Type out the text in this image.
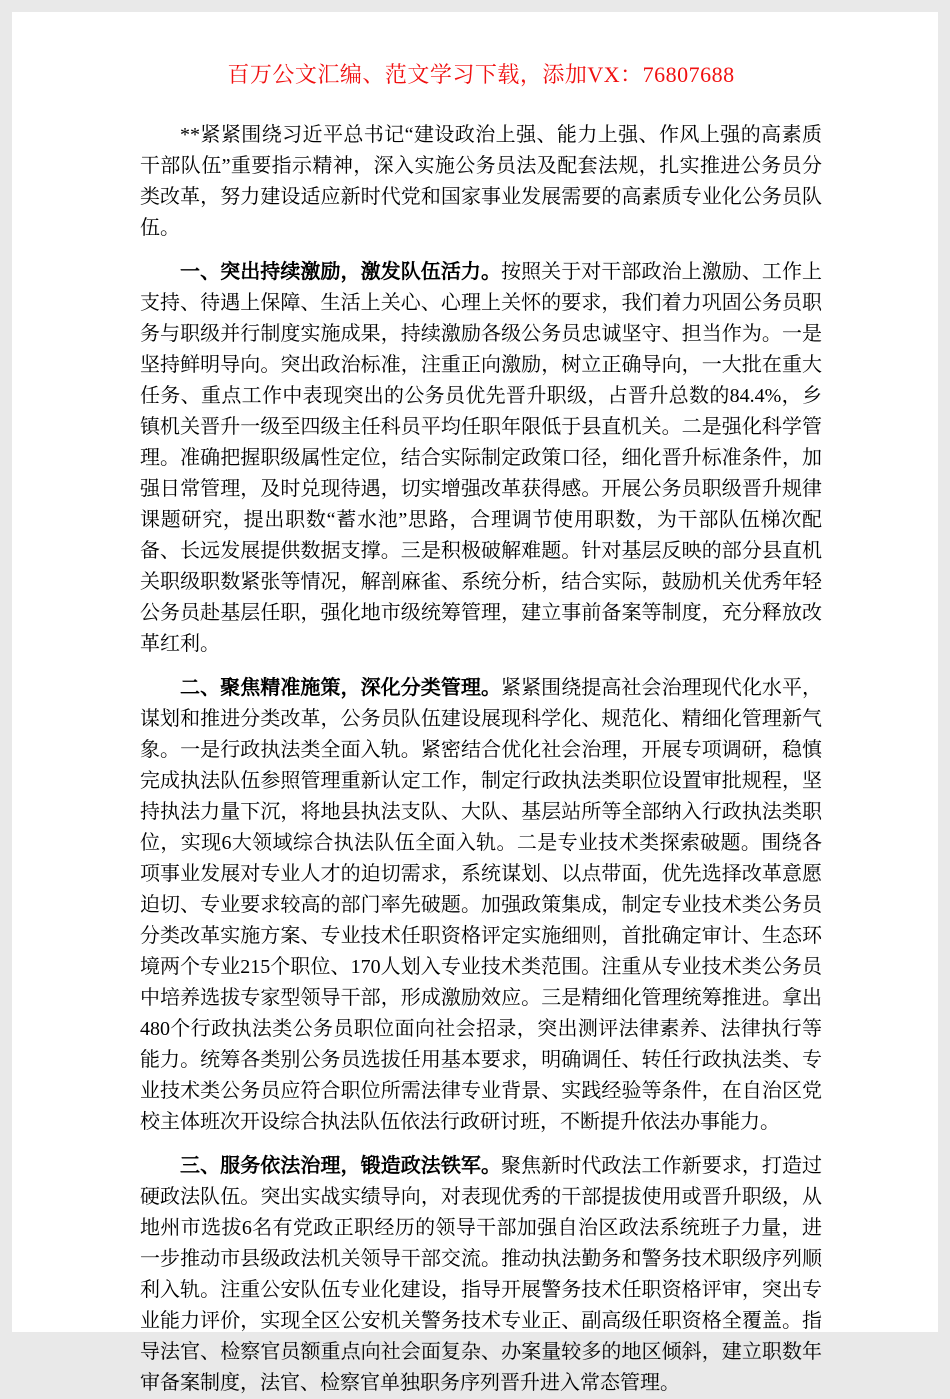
百万公文汇编、范文学习下载，添加VX：76807688

**紧紧围绕习近平总书记“建设政治上强、能力上强、作风上强的高素质干部队伍”重要指示精神，深入实施公务员法及配套法规，扎实推进公务员分类改革，努力建设适应新时代党和国家事业发展需要的高素质专业化公务员队伍。

一、突出持续激励，激发队伍活力。按照关于对干部政治上激励、工作上支持、待遇上保障、生活上关心、心理上关怀的要求，我们着力巩固公务员职务与职级并行制度实施成果，持续激励各级公务员忠诚坚守、担当作为。一是坚持鲜明导向。突出政治标准，注重正向激励，树立正确导向，一大批在重大任务、重点工作中表现突出的公务员优先晋升职级，占晋升总数的84.4%，乡镇机关晋升一级至四级主任科员平均任职年限低于县直机关。二是强化科学管理。准确把握职级属性定位，结合实际制定政策口径，细化晋升标准条件，加强日常管理，及时兑现待遇，切实增强改革获得感。开展公务员职级晋升规律课题研究，提出职数“蓄水池”思路，合理调节使用职数，为干部队伍梯次配备、长远发展提供数据支撑。三是积极破解难题。针对基层反映的部分县直机关职级职数紧张等情况，解剖麻雀、系统分析，结合实际，鼓励机关优秀年轻公务员赴基层任职，强化地市级统筹管理，建立事前备案等制度，充分释放改革红利。

二、聚焦精准施策，深化分类管理。紧紧围绕提高社会治理现代化水平，谋划和推进分类改革，公务员队伍建设展现科学化、规范化、精细化管理新气象。一是行政执法类全面入轨。紧密结合优化社会治理，开展专项调研，稳慎完成执法队伍参照管理重新认定工作，制定行政执法类职位设置审批规程，坚持执法力量下沉，将地县执法支队、大队、基层站所等全部纳入行政执法类职位，实现6大领域综合执法队伍全面入轨。二是专业技术类探索破题。围绕各项事业发展对专业人才的迫切需求，系统谋划、以点带面，优先选择改革意愿迫切、专业要求较高的部门率先破题。加强政策集成，制定专业技术类公务员分类改革实施方案、专业技术任职资格评定实施细则，首批确定审计、生态环境两个专业215个职位、170人划入专业技术类范围。注重从专业技术类公务员中培养选拔专家型领导干部，形成激励效应。三是精细化管理统筹推进。拿出480个行政执法类公务员职位面向社会招录，突出测评法律素养、法律执行等能力。统筹各类别公务员选拔任用基本要求，明确调任、转任行政执法类、专业技术类公务员应符合职位所需法律专业背景、实践经验等条件，在自治区党校主体班次开设综合执法队伍依法行政研讨班，不断提升依法办事能力。

三、服务依法治理，锻造政法铁军。聚焦新时代政法工作新要求，打造过硬政法队伍。突出实战实绩导向，对表现优秀的干部提拔使用或晋升职级，从地州市选拔6名有党政正职经历的领导干部加强自治区政法系统班子力量，进一步推动市县级政法机关领导干部交流。推动执法勤务和警务技术职级序列顺利入轨。注重公安队伍专业化建设，指导开展警务技术任职资格评审，突出专业能力评价，实现全区公安机关警务技术专业正、副高级任职资格全覆盖。指导法官、检察官员额重点向社会面复杂、办案量较多的地区倾斜，建立职数年审备案制度，法官、检察官单独职务序列晋升进入常态管理。
